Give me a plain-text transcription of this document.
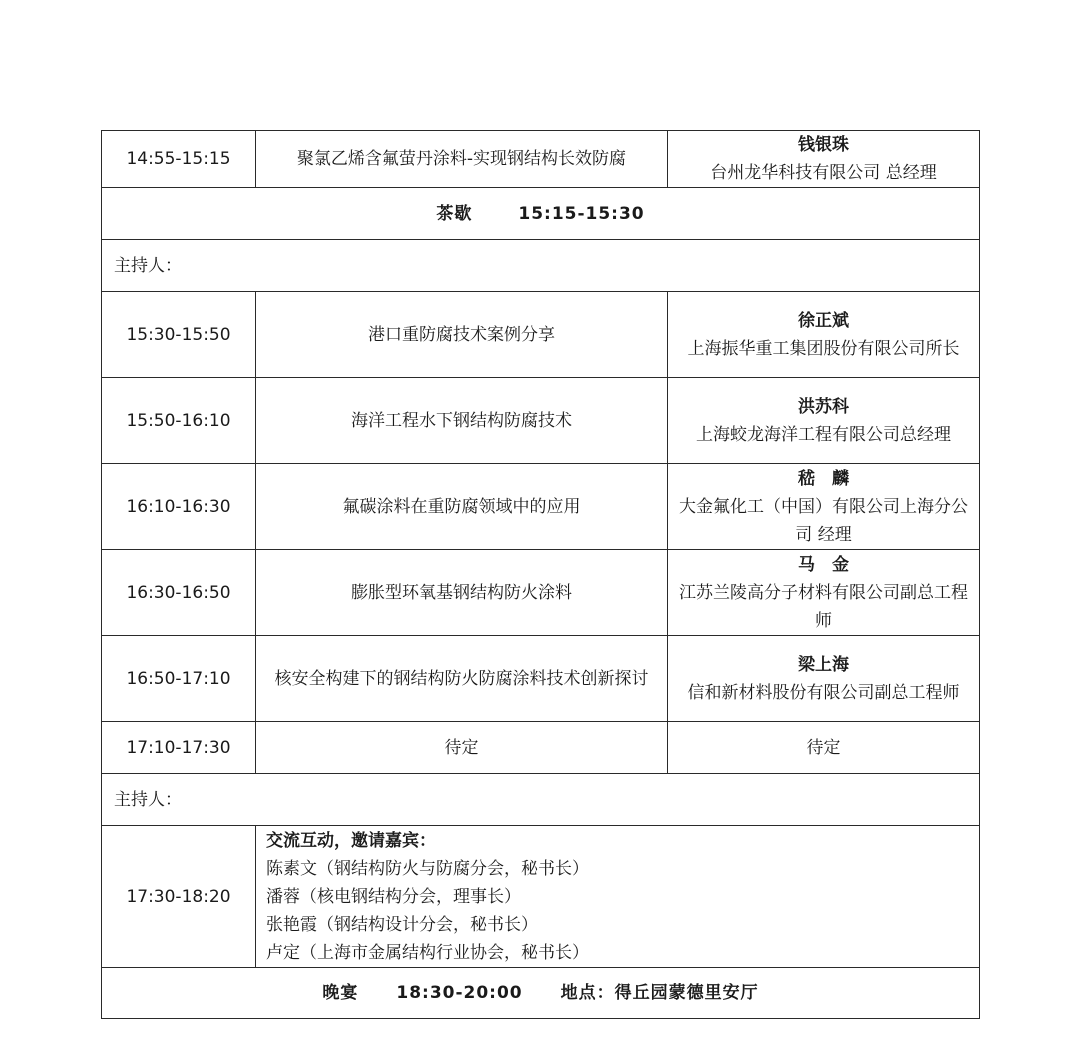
14:55-15:15	聚氯乙烯含氟萤丹涂料-实现钢结构长效防腐	钱银珠
台州龙华科技有限公司 总经理

茶歇 15:15-15:30		
主持人：		
15:30-15:50	港口重防腐技术案例分享	徐正斌
上海振华重工集团股份有限公司所长

15:50-16:10	海洋工程水下钢结构防腐技术	洪苏科
上海蛟龙海洋工程有限公司总经理

16:10-16:30	氟碳涂料在重防腐领域中的应用	嵇　麟
大金氟化工（中国）有限公司上海分公司 经理

16:30-16:50	膨胀型环氧基钢结构防火涂料	马　金
江苏兰陵高分子材料有限公司副总工程师

16:50-17:10	核安全构建下的钢结构防火防腐涂料技术创新探讨	梁上海
信和新材料股份有限公司副总工程师

17:10-17:30	待定	待定
主持人：		
17:30-18:20	交流互动，邀请嘉宾：
陈素文（钢结构防火与防腐分会，秘书长）
潘蓉（核电钢结构分会，理事长）
张艳霞（钢结构设计分会，秘书长）
卢定（上海市金属结构行业协会，秘书长）	

晚宴 18:30-20:00 地点：得丘园蒙德里安厅		
